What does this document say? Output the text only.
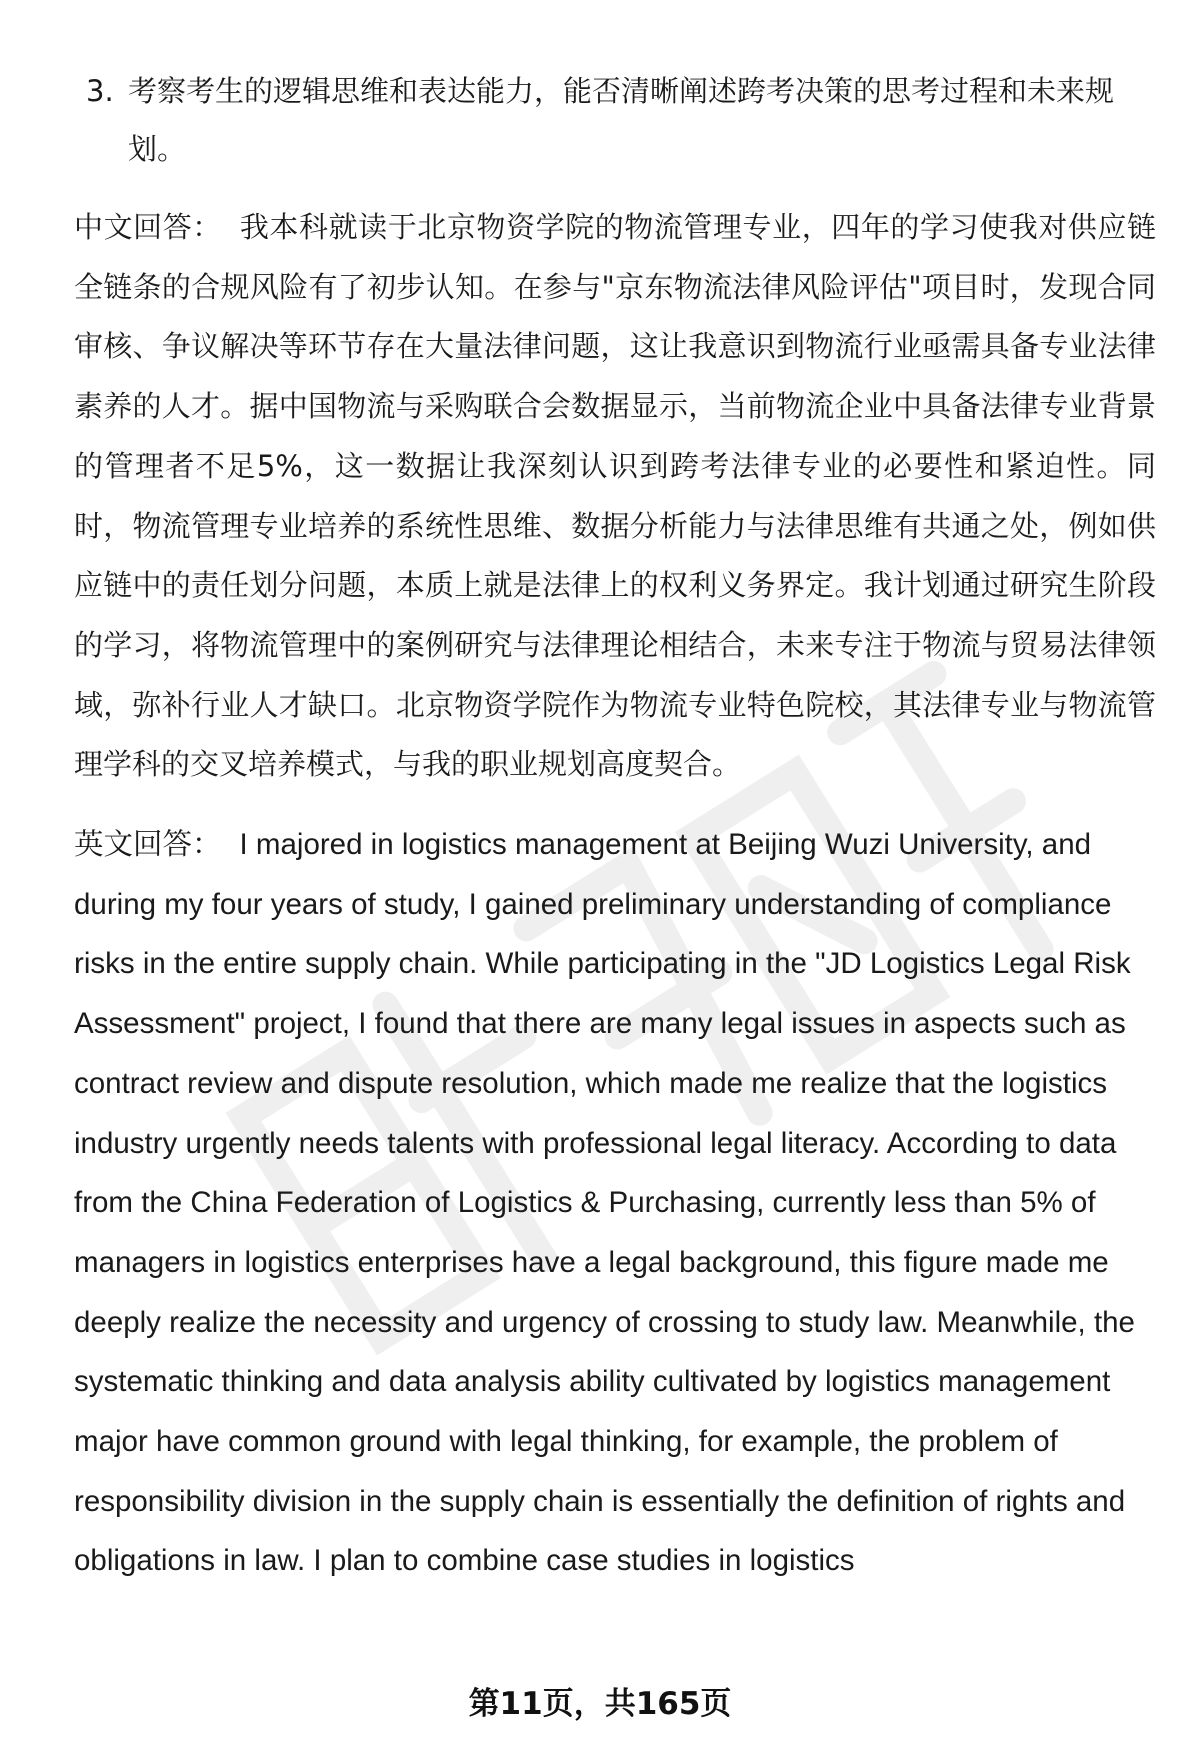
3. 考察考生的逻辑思维和表达能力，能否清晰阐述跨考决策的思考过程和未来规划。

中文回答： 我本科就读于北京物资学院的物流管理专业，四年的学习使我对供应链全链条的合规风险有了初步认知。在参与"京东物流法律风险评估"项目时，发现合同审核、争议解决等环节存在大量法律问题，这让我意识到物流行业亟需具备专业法律素养的人才。据中国物流与采购联合会数据显示，当前物流企业中具备法律专业背景的管理者不足5%，这一数据让我深刻认识到跨考法律专业的必要性和紧迫性。同时，物流管理专业培养的系统性思维、数据分析能力与法律思维有共通之处，例如供应链中的责任划分问题，本质上就是法律上的权利义务界定。我计划通过研究生阶段的学习，将物流管理中的案例研究与法律理论相结合，未来专注于物流与贸易法律领域，弥补行业人才缺口。北京物资学院作为物流专业特色院校，其法律专业与物流管理学科的交叉培养模式，与我的职业规划高度契合。

英文回答： I majored in logistics management at Beijing Wuzi University, and during my four years of study, I gained preliminary understanding of compliance risks in the entire supply chain. While participating in the "JD Logistics Legal Risk Assessment" project, I found that there are many legal issues in aspects such as contract review and dispute resolution, which made me realize that the logistics industry urgently needs talents with professional legal literacy. According to data from the China Federation of Logistics & Purchasing, currently less than 5% of managers in logistics enterprises have a legal background, this figure made me deeply realize the necessity and urgency of crossing to study law. Meanwhile, the systematic thinking and data analysis ability cultivated by logistics management major have common ground with legal thinking, for example, the problem of responsibility division in the supply chain is essentially the definition of rights and obligations in law. I plan to combine case studies in logistics

第11页，共165页
